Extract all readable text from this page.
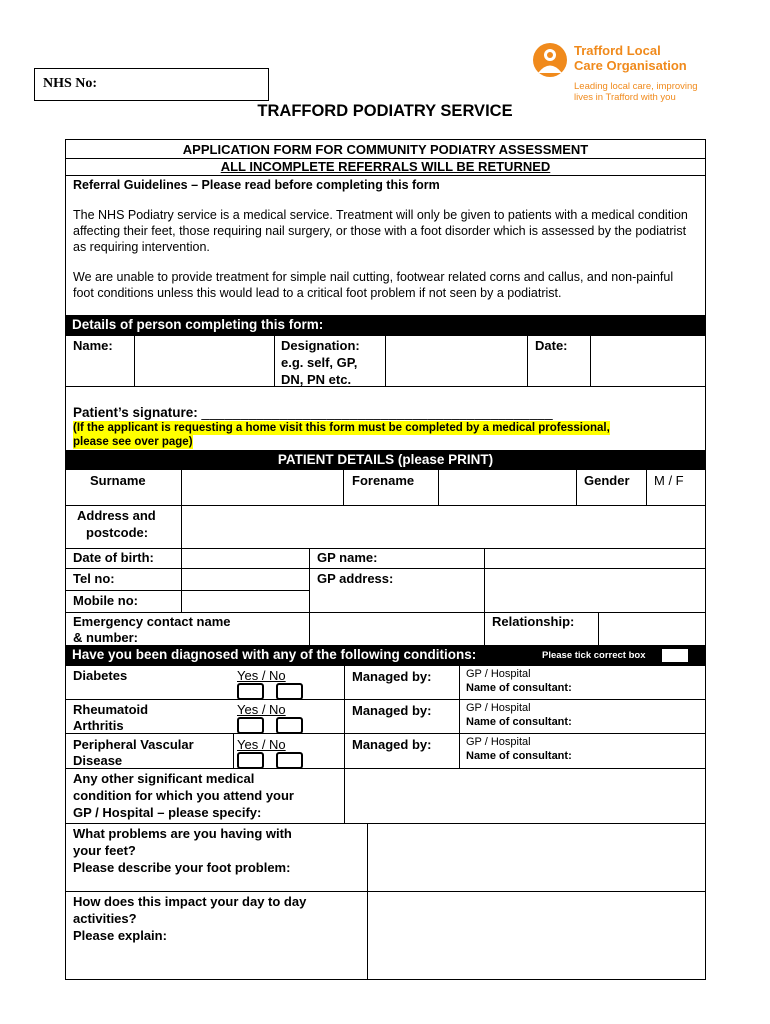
NHS No:
Trafford Local
Care Organisation
Leading local care, improving
lives in Trafford with you
TRAFFORD PODIATRY SERVICE
APPLICATION FORM FOR COMMUNITY PODIATRY ASSESSMENT
ALL INCOMPLETE REFERRALS WILL BE RETURNED
Referral Guidelines – Please read before completing this form
The NHS Podiatry service is a medical service. Treatment will only be given to patients with a medical condition affecting their feet, those requiring nail surgery, or those with a foot disorder which is assessed by the podiatrist as requiring intervention.
We are unable to provide treatment for simple nail cutting, footwear related corns and callus, and non-painful foot conditions unless this would lead to a critical foot problem if not seen by a podiatrist.
Details of person completing this form:
Name:	Designation:
e.g. self, GP,
DN, PN etc.
Date:
Patient’s signature: _____________________________________________
(If the applicant is requesting a home visit this form must be completed by a medical professional,
please see over page)
PATIENT DETAILS (please PRINT)
Surname	Forename	Gender M / F
Address and
postcode:
Date of birth:	GP name:
Tel no:	GP address:
Mobile no:
Emergency contact name
& number:
Relationship:
Have you been diagnosed with any of the following conditions:	Please tick correct box
Diabetes	Yes / No	Managed by:	GP / Hospital
Name of consultant:
Rheumatoid
Arthritis
Yes / No	Managed by:	GP / Hospital
Name of consultant:
Peripheral Vascular
Disease
Yes / No	Managed by:	GP / Hospital
Name of consultant:
Any other significant medical
condition for which you attend your
GP / Hospital – please specify:
What problems are you having with
your feet?
Please describe your foot problem:
How does this impact your day to day
activities?
Please explain:
